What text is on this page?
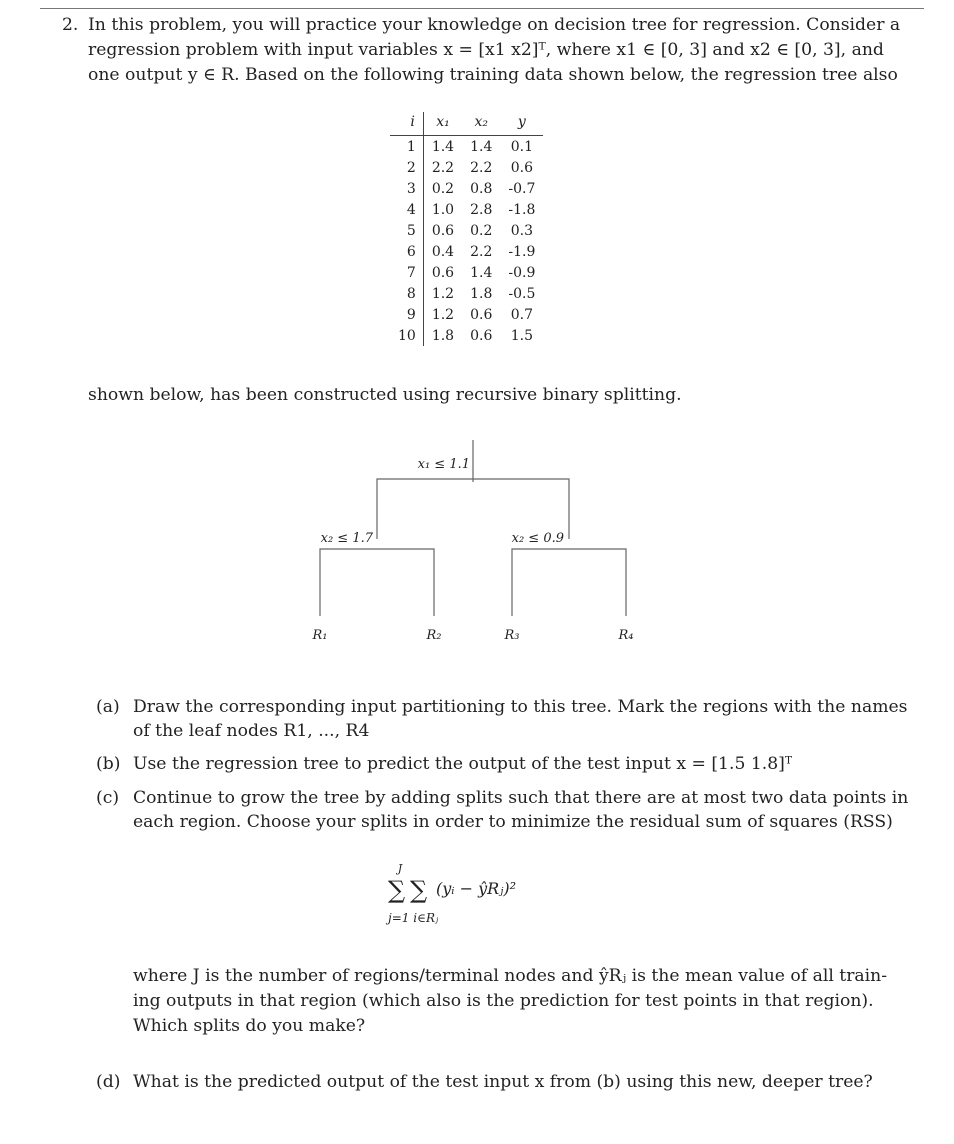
2. In this problem, you will practice your knowledge on decision tree for regression. Consider a
regression problem with input variables x = [x1 x2]ᵀ, where x1 ∈ [0, 3] and x2 ∈ [0, 3], and
one output y ∈ R. Based on the following training data shown below, the regression tree also
i	x₁	x₂	y
1	1.4	1.4	0.1
2	2.2	2.2	0.6
3	0.2	0.8	-0.7
4	1.0	2.8	-1.8
5	0.6	0.2	0.3
6	0.4	2.2	-1.9
7	0.6	1.4	-0.9
8	1.2	1.8	-0.5
9	1.2	0.6	0.7
10	1.8	0.6	1.5
shown below, has been constructed using recursive binary splitting.
x₁ ≤ 1.1
x₂ ≤ 1.7	x₂ ≤ 0.9
R₁	R₂	R₃	R₄
(a) Draw the corresponding input partitioning to this tree. Mark the regions with the names
of the leaf nodes R1, ..., R4
(b) Use the regression tree to predict the output of the test input x = [1.5 1.8]ᵀ
(c) Continue to grow the tree by adding splits such that there are at most two data points in
each region. Choose your splits in order to minimize the residual sum of squares (RSS)
J
∑ ∑ (yᵢ − ŷRⱼ)²
j=1 i∈Rⱼ
where J is the number of regions/terminal nodes and ŷRⱼ is the mean value of all train-
ing outputs in that region (which also is the prediction for test points in that region).
Which splits do you make?
(d) What is the predicted output of the test input x from (b) using this new, deeper tree?
